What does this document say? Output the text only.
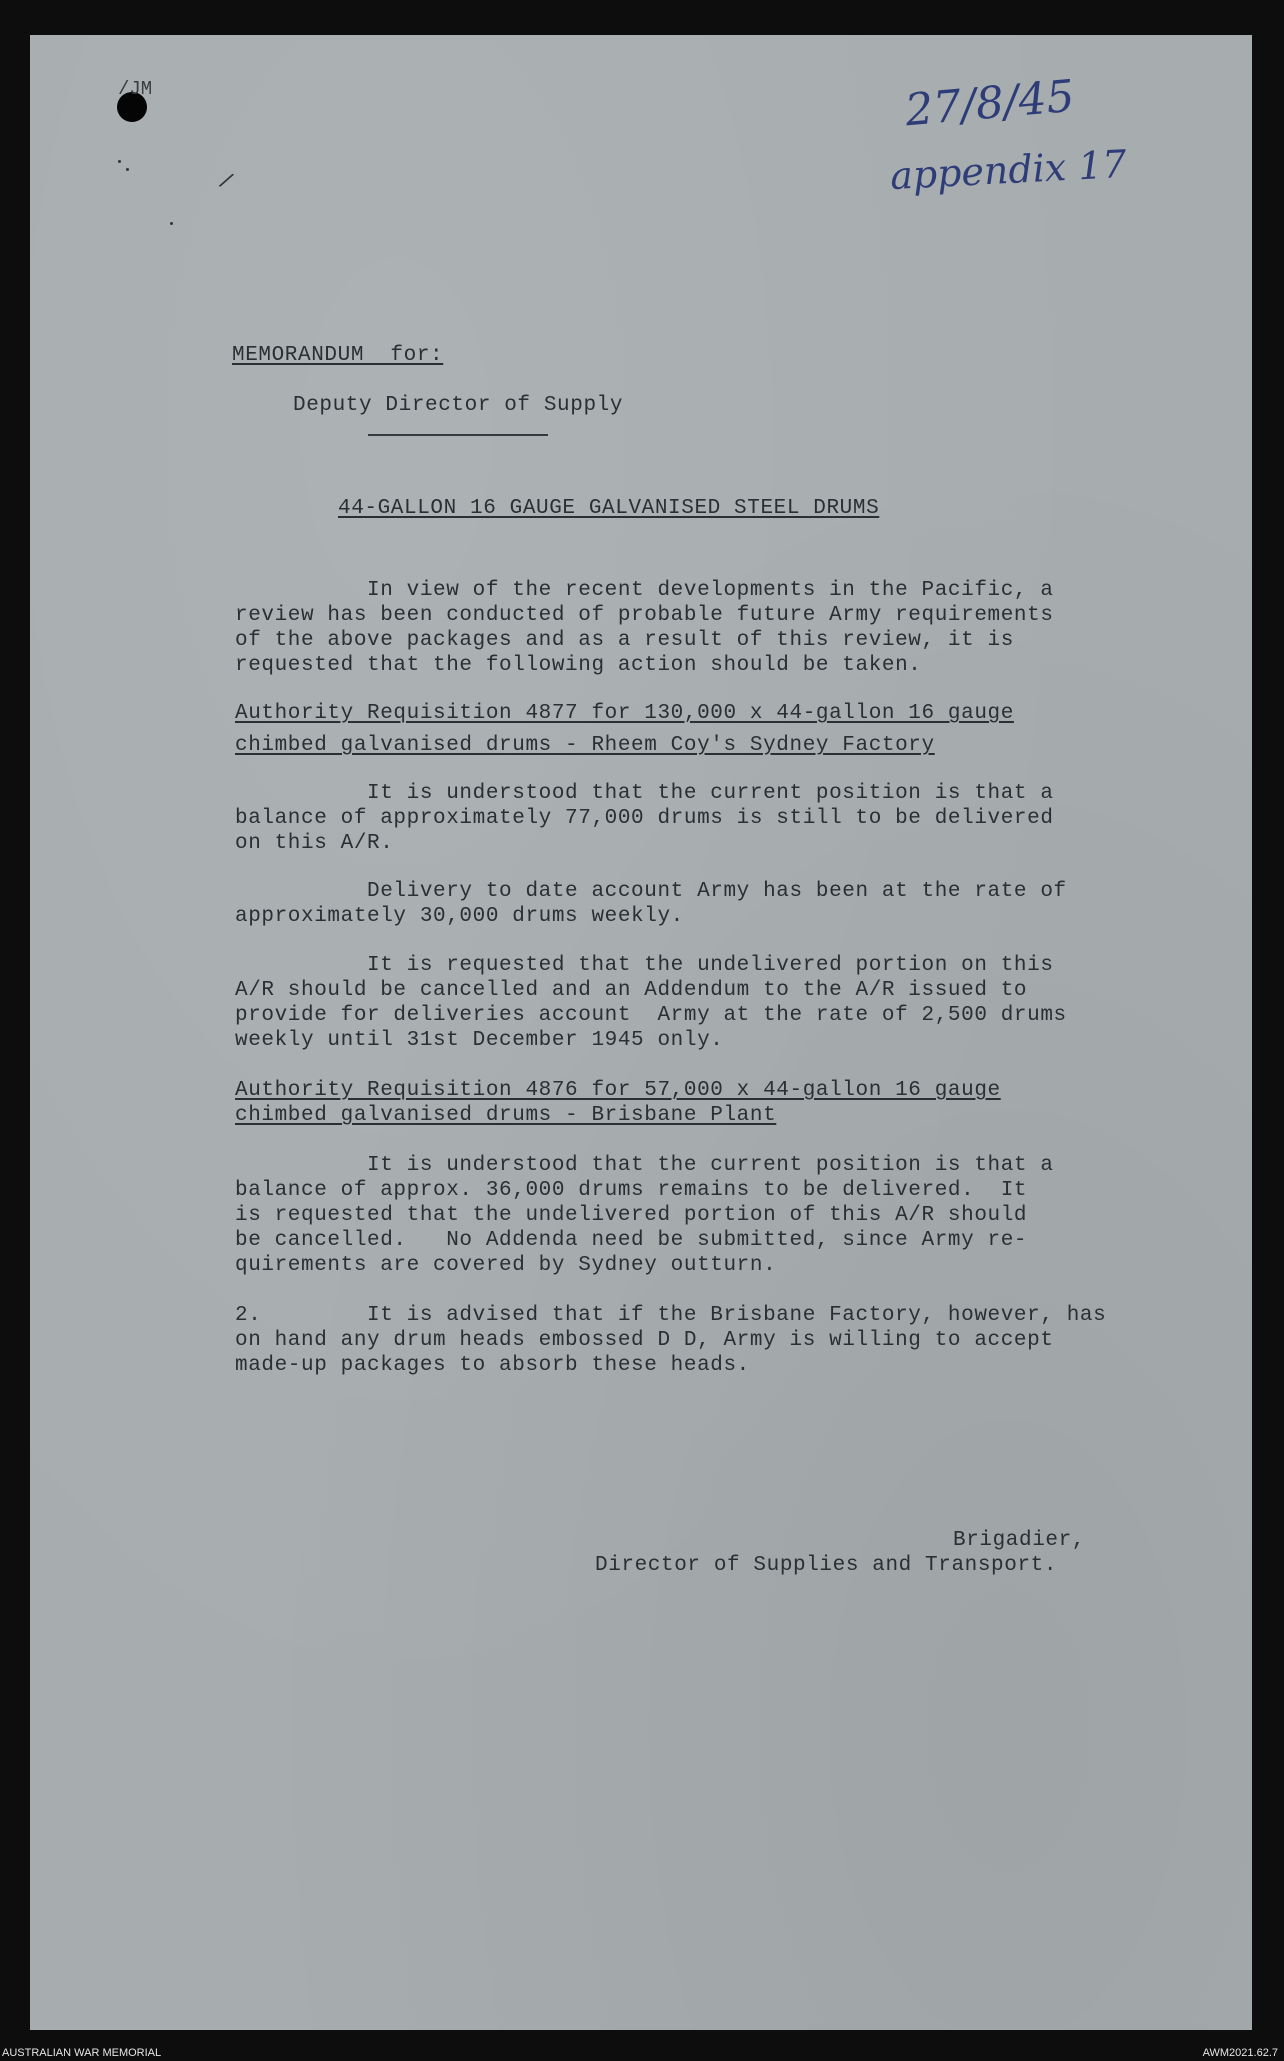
/JM	27/8/45
appendix 17
/
MEMORANDUM  for:
Deputy Director of Supply
44-GALLON 16 GAUGE GALVANISED STEEL DRUMS
In view of the recent developments in the Pacific, a
review has been conducted of probable future Army requirements
of the above packages and as a result of this review, it is
requested that the following action should be taken.
Authority Requisition 4877 for 130,000 x 44-gallon 16 gauge
chimbed galvanised drums - Rheem Coy's Sydney Factory
It is understood that the current position is that a
balance of approximately 77,000 drums is still to be delivered
on this A/R.
Delivery to date account Army has been at the rate of
approximately 30,000 drums weekly.
It is requested that the undelivered portion on this
A/R should be cancelled and an Addendum to the A/R issued to
provide for deliveries account  Army at the rate of 2,500 drums
weekly until 31st December 1945 only.
Authority Requisition 4876 for 57,000 x 44-gallon 16 gauge
chimbed galvanised drums - Brisbane Plant
It is understood that the current position is that a
balance of approx. 36,000 drums remains to be delivered.  It
is requested that the undelivered portion of this A/R should
be cancelled.   No Addenda need be submitted, since Army re-
quirements are covered by Sydney outturn.
2.        It is advised that if the Brisbane Factory, however, has
on hand any drum heads embossed D D, Army is willing to accept
made-up packages to absorb these heads.
Brigadier,
Director of Supplies and Transport.
AUSTRALIAN WAR MEMORIAL	AWM2021.62.7
